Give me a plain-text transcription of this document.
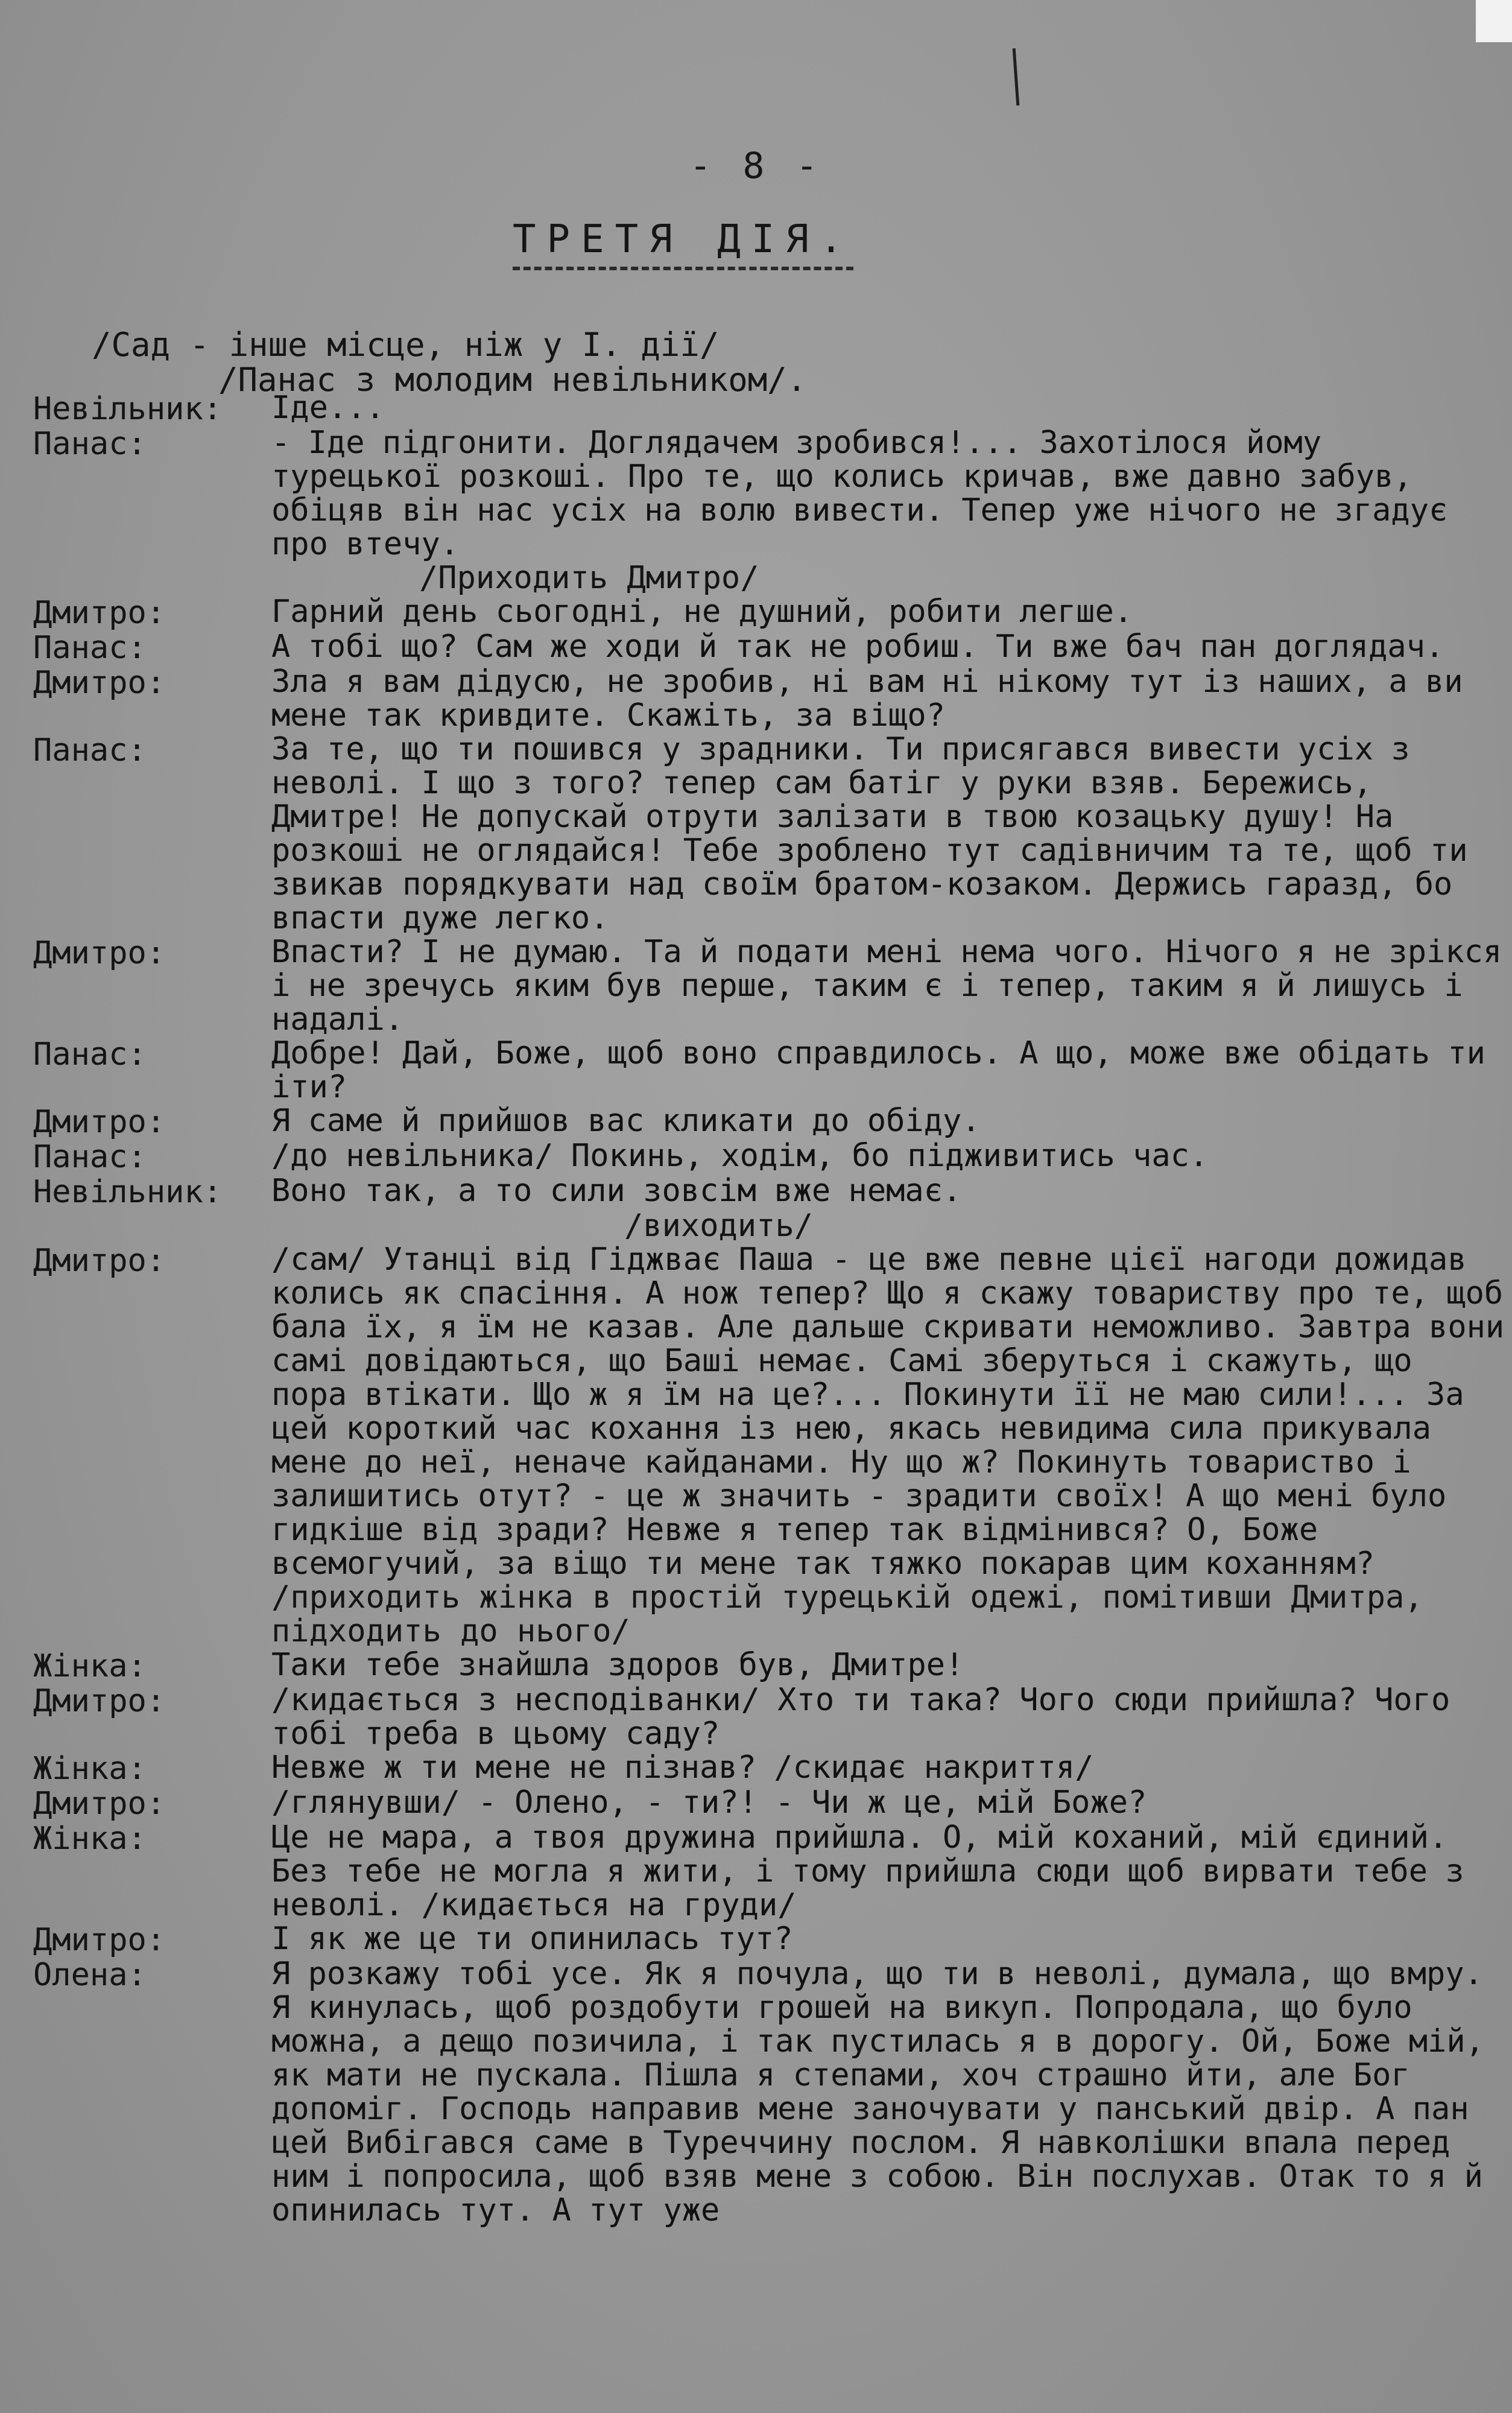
- 8 -
ТРЕТЯ ДІЯ.
/Сад - інше місце, ніж у І. дії/
/Панас з молодим невільником/.
Невільник:	Іде...
Панас:	- Іде підгонити. Доглядачем зробився!... Захотілося йому турецької розкоші. Про те, що колись кричав, вже давно забув, обіцяв він нас усіх на волю вивести. Тепер уже нічого не згадує про втечу.
/Приходить Дмитро/
Дмитро:	Гарний день сьогодні, не душний, робити легше.
Панас:	А тобі що? Сам же ходи й так не робиш. Ти вже бач пан доглядач.
Дмитро:	Зла я вам дідусю, не зробив, ні вам ні нікому тут із наших, а ви мене так кривдите. Скажіть, за віщо?
Панас:	За те, що ти пошився у зрадники. Ти присягався вивести усіх з неволі. І що з того? тепер сам батіг у руки взяв. Бережись, Дмитре! Не допускай отрути залізати в твою козацьку душу! На розкоші не оглядайся! Тебе зроблено тут садівничим та те, щоб ти звикав порядкувати над своїм братом-козаком. Держись гаразд, бо впасти дуже легко.
Дмитро:	Впасти? І не думаю. Та й подати мені нема чого. Нічого я не зрікся і не зречусь яким був перше, таким є і тепер, таким я й лишусь і надалі.
Панас:	Добре! Дай, Боже, щоб воно справдилось. А що, може вже обідать ти іти?
Дмитро:	Я саме й прийшов вас кликати до обіду.
Панас:	/до невільника/ Покинь, ходім, бо підживитись час.
Невільник:	Воно так, а то сили зовсім вже немає.
/виходить/
Дмитро:	/сам/ Утанці від Гіджває Паша - це вже певне цієї нагоди дожидав колись як спасіння. А нож тепер? Що я скажу товариству про те, щоб бала їх, я їм не казав. Але дальше скривати неможливо. Завтра вони самі довідаються, що Баші немає. Самі зберуться і скажуть, що пора втікати. Що ж я їм на це?... Покинути її не маю сили!... За цей короткий час кохання із нею, якась невидима сила прикувала мене до неї, неначе кайданами. Ну що ж? Покинуть товариство і залишитись отут? - це ж значить - зрадити своїх! А що мені було гидкіше від зради? Невже я тепер так відмінився? О, Боже всемогучий, за віщо ти мене так тяжко покарав цим коханням?
/приходить жінка в простій турецькій одежі, помітивши Дмитра, підходить до нього/
Жінка:	Таки тебе знайшла здоров був, Дмитре!
Дмитро:	/кидається з несподіванки/ Хто ти така? Чого сюди прийшла? Чого тобі треба в цьому саду?
Жінка:	Невже ж ти мене не пізнав? /скидає накриття/
Дмитро:	/глянувши/ - Олено, - ти?! - Чи ж це, мій Боже?
Жінка:	Це не мара, а твоя дружина прийшла. О, мій коханий, мій єдиний. Без тебе не могла я жити, і тому прийшла сюди щоб вирвати тебе з неволі. /кидається на груди/
Дмитро:	І як же це ти опинилась тут?
Олена:	Я розкажу тобі усе. Як я почула, що ти в неволі, думала, що вмру. Я кинулась, щоб роздобути грошей на викуп. Попродала, що було можна, а дещо позичила, і так пустилась я в дорогу. Ой, Боже мій, як мати не пускала. Пішла я степами, хоч страшно йти, але Бог допоміг. Господь направив мене заночувати у панський двір. А пан цей Вибігався саме в Туреччину послом. Я навколішки впала перед ним і попросила, щоб взяв мене з собою. Він послухав. Отак то я й опинилась тут. А тут уже
